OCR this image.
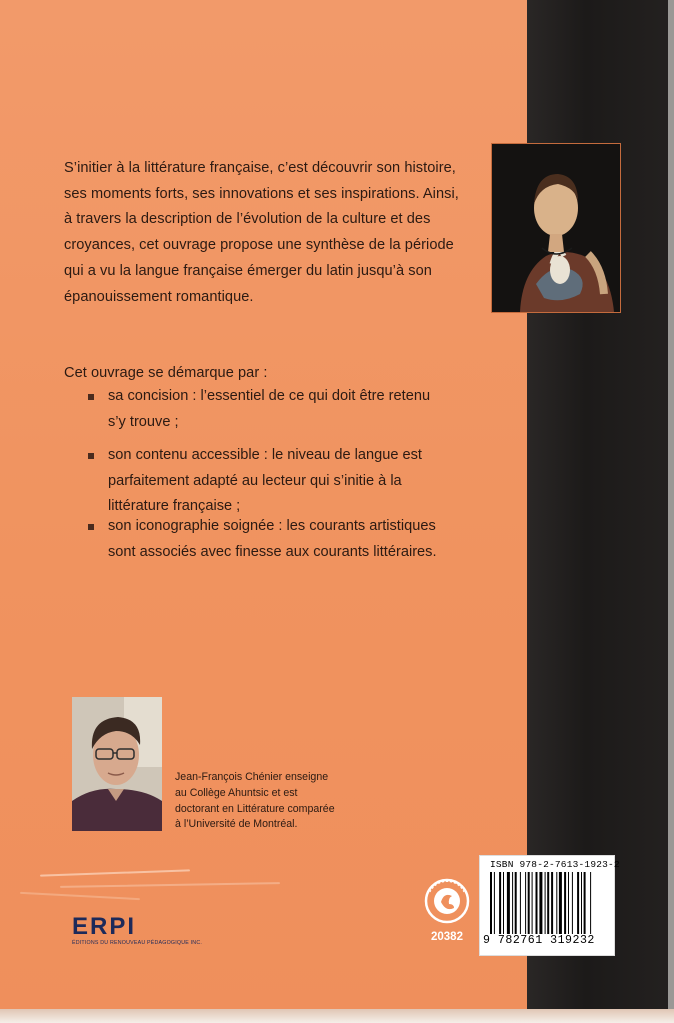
S’initier à la littérature française, c’est découvrir son histoire,
ses moments forts, ses innovations et ses inspirations. Ainsi,
à travers la description de l’évolution de la culture et des
croyances, cet ouvrage propose une synthèse de la période
qui a vu la langue française émerger du latin jusqu’à son
épanouissement romantique.
Cet ouvrage se démarque par :
sa concision : l’essentiel de ce qui doit être retenu
s’y trouve ;
son contenu accessible : le niveau de langue est
parfaitement adapté au lecteur qui s’initie à la
littérature française ;
son iconographie soignée : les courants artistiques
sont associés avec finesse aux courants littéraires.
Jean-François Chénier enseigne
au Collège Ahuntsic et est
doctorant en Littérature comparée
à l’Université de Montréal.
ERPI
ÉDITIONS DU RENOUVEAU PÉDAGOGIQUE INC.	20382
ISBN 978-2-7613-1923-2
9 782761 319232
